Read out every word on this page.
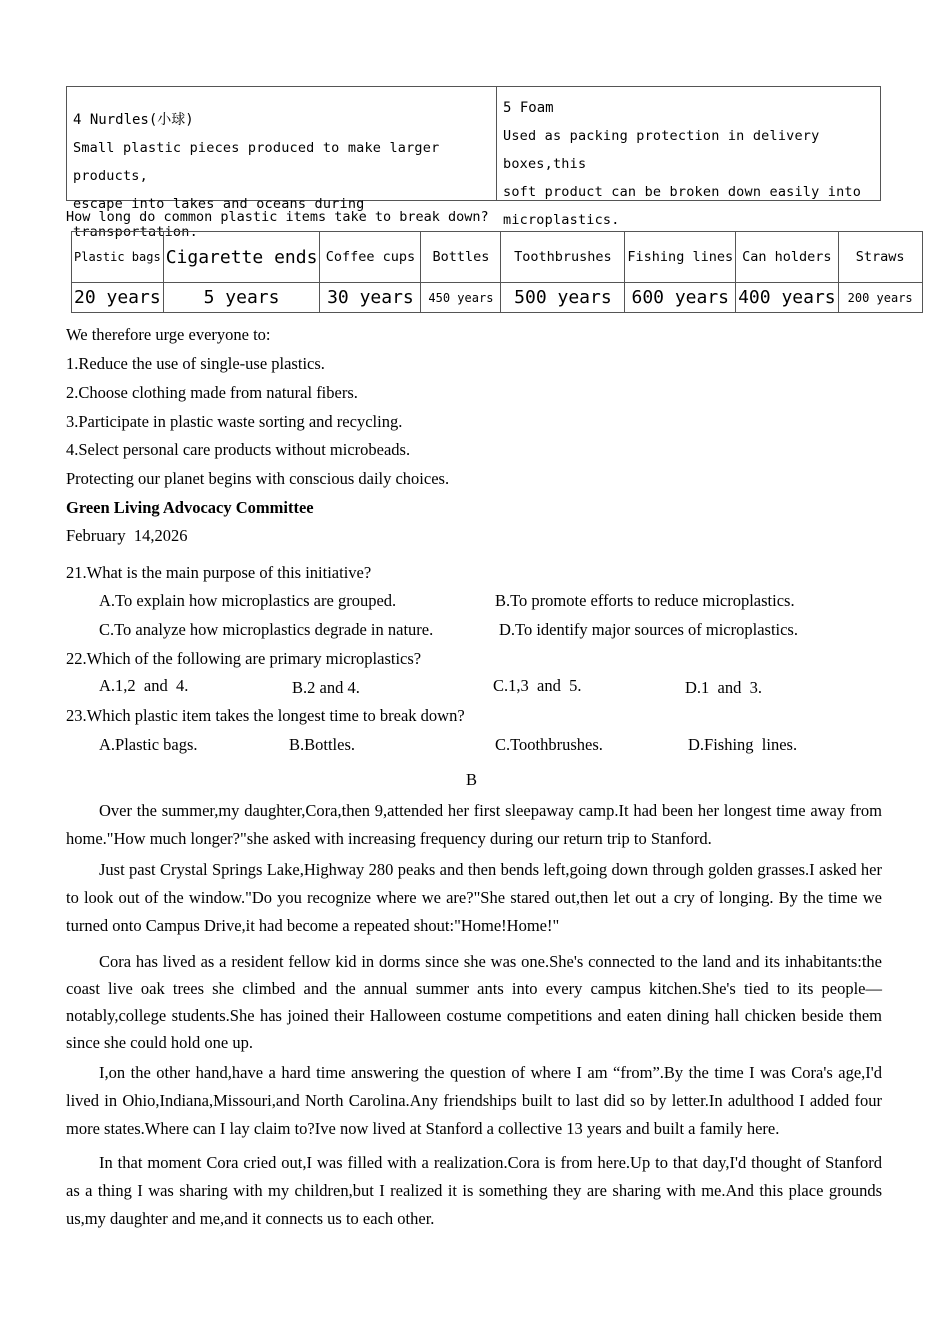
4 Nurdles(小球)
Small plastic pieces produced to make larger products,
escape into lakes and oceans during transportation.
5 Foam
Used as packing protection in delivery boxes,this
soft product can be broken down easily into
microplastics.
How long do common plastic items take to break down?
Plastic bags	Cigarette ends	Coffee cups	Bottles	Toothbrushes	Fishing lines	Can holders	Straws
20 years	5 years	30 years	450 years	500 years	600 years	400 years	200 years
We therefore urge everyone to:
1.Reduce the use of single-use plastics.
2.Choose clothing made from natural fibers.
3.Participate in plastic waste sorting and recycling.
4.Select personal care products without microbeads.
Protecting our planet begins with conscious daily choices.
Green Living Advocacy Committee
February  14,2026
21.What is the main purpose of this initiative?
A.To explain how microplastics are grouped.	B.To promote efforts to reduce microplastics.
C.To analyze how microplastics degrade in nature.	D.To identify major sources of microplastics.
22.Which of the following are primary microplastics?
A.1,2  and  4.	B.2 and 4.	C.1,3  and  5.	D.1  and  3.
23.Which plastic item takes the longest time to break down?
A.Plastic bags.	B.Bottles.	C.Toothbrushes.	D.Fishing  lines.
B

Over the summer,my daughter,Cora,then 9,attended her first sleepaway camp.It had been her longest time away from home."How much longer?"she asked with increasing frequency during our return trip to Stanford.

Just past Crystal Springs Lake,Highway 280 peaks and then bends left,going down through golden grasses.I asked her to look out of the window."Do you recognize where we are?"She stared out,then let out a cry of longing. By the time we turned onto Campus Drive,it had become a repeated shout:"Home!Home!"

Cora has lived as a resident fellow kid in dorms since she was one.She's connected to the land and its inhabitants:the coast live oak trees she climbed and the annual summer ants into every campus kitchen.She's tied to its people—notably,college students.She has joined their Halloween costume competitions and eaten dining hall chicken beside them since she could hold one up.

I,on the other hand,have a hard time answering the question of where I am “from”.By the time I was Cora's age,I'd lived in Ohio,Indiana,Missouri,and North Carolina.Any friendships built to last did so by letter.In adulthood I added four more states.Where can I lay claim to?Ive now lived at Stanford a collective 13 years and built a family here.

In that moment Cora cried out,I was filled with a realization.Cora is from here.Up to that day,I'd thought of Stanford as a thing I was sharing with my children,but I realized it is something they are sharing with me.And this place grounds us,my daughter and me,and it connects us to each other.
